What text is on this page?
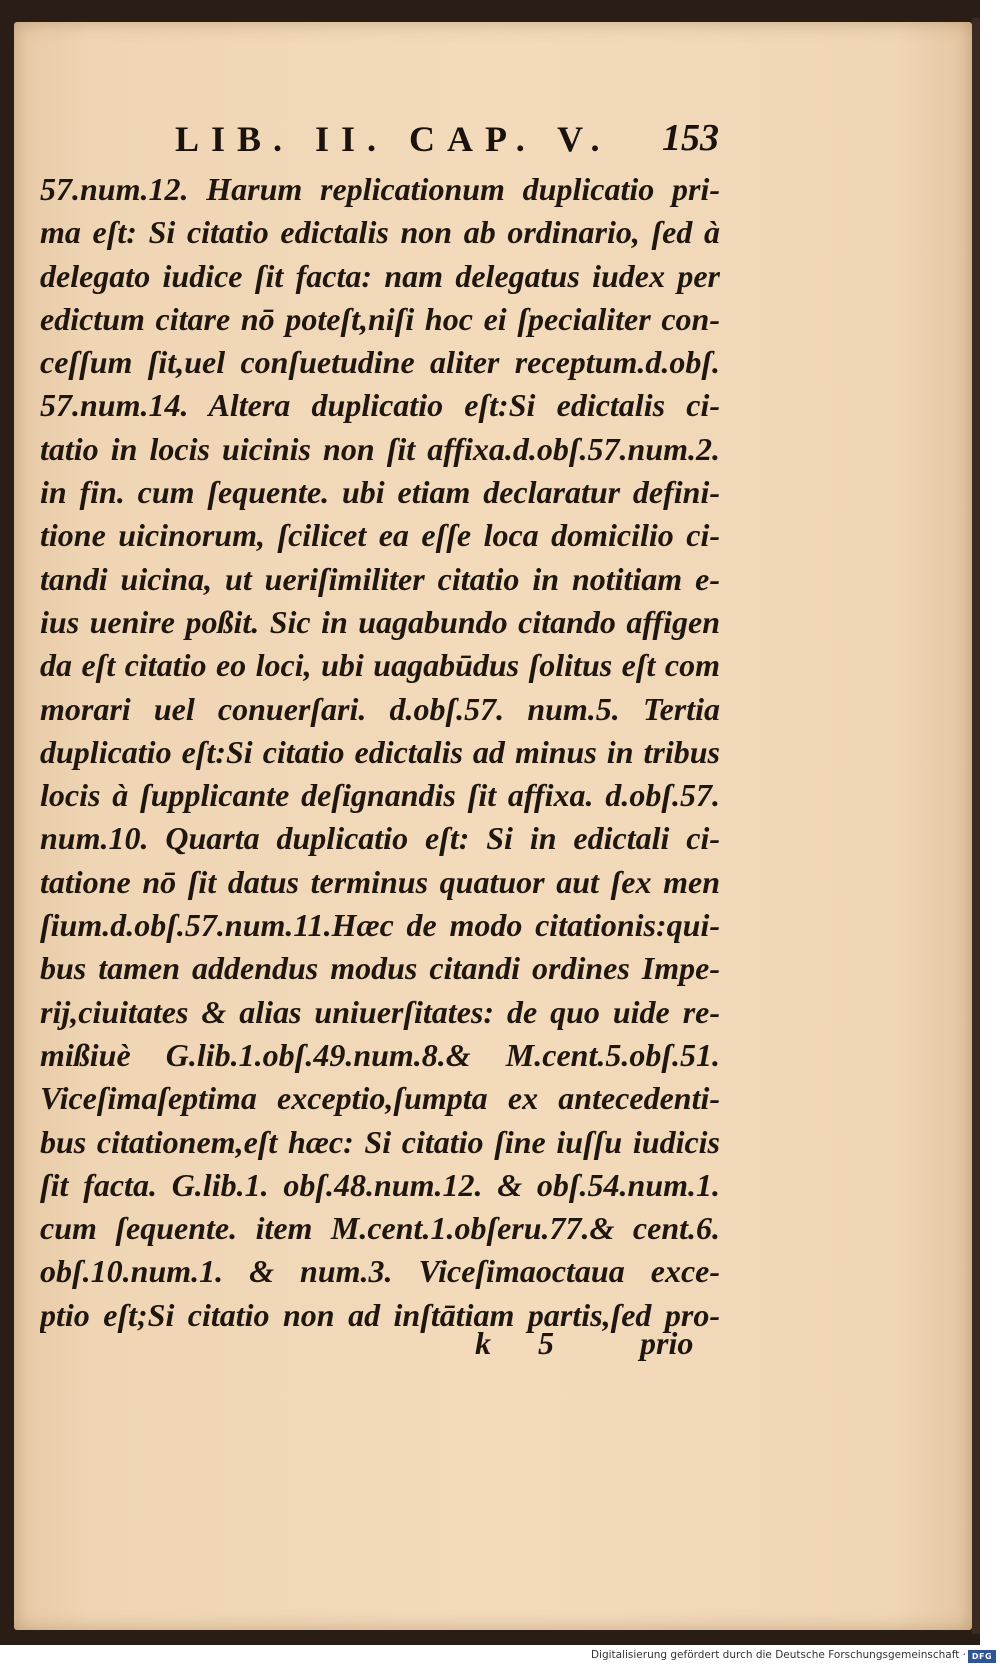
LIB. II. CAP. V. 153
57.num.12. Harum replicationum duplicatio pri-
ma eſt: Si citatio edictalis non ab ordinario, ſed à
delegato iudice ſit facta: nam delegatus iudex per
edictum citare nō poteſt,niſi hoc ei ſpecialiter con-
ceſſum ſit,uel conſuetudine aliter receptum.d.obſ.
57.num.14. Altera duplicatio eſt:Si edictalis ci-
tatio in locis uicinis non ſit affixa.d.obſ.57.num.2.
in fin. cum ſequente. ubi etiam declaratur defini-
tione uicinorum, ſcilicet ea eſſe loca domicilio ci-
tandi uicina, ut ueriſimiliter citatio in notitiam e-
ius uenire poßit. Sic in uagabundo citando affigen
da eſt citatio eo loci, ubi uagabūdus ſolitus eſt com
morari uel conuerſari. d.obſ.57. num.5. Tertia
duplicatio eſt:Si citatio edictalis ad minus in tribus
locis à ſupplicante deſignandis ſit affixa. d.obſ.57.
num.10. Quarta duplicatio eſt: Si in edictali ci-
tatione nō ſit datus terminus quatuor aut ſex men
ſium.d.obſ.57.num.11.Hæc de modo citationis:qui-
bus tamen addendus modus citandi ordines Impe-
rij,ciuitates & alias uniuerſitates: de quo uide re-
mißiuè G.lib.1.obſ.49.num.8.& M.cent.5.obſ.51.
Viceſimaſeptima exceptio,ſumpta ex antecedenti-
bus citationem,eſt hæc: Si citatio ſine iuſſu iudicis
ſit facta. G.lib.1. obſ.48.num.12. & obſ.54.num.1.
cum ſequente. item M.cent.1.obſeru.77.& cent.6.
obſ.10.num.1. & num.3. Viceſimaoctaua exce-
ptio eſt;Si citatio non ad inſtātiam partis,ſed pro-
k 5	prio
Digitalisierung gefördert durch die Deutsche Forschungsgemeinschaft · DFG
